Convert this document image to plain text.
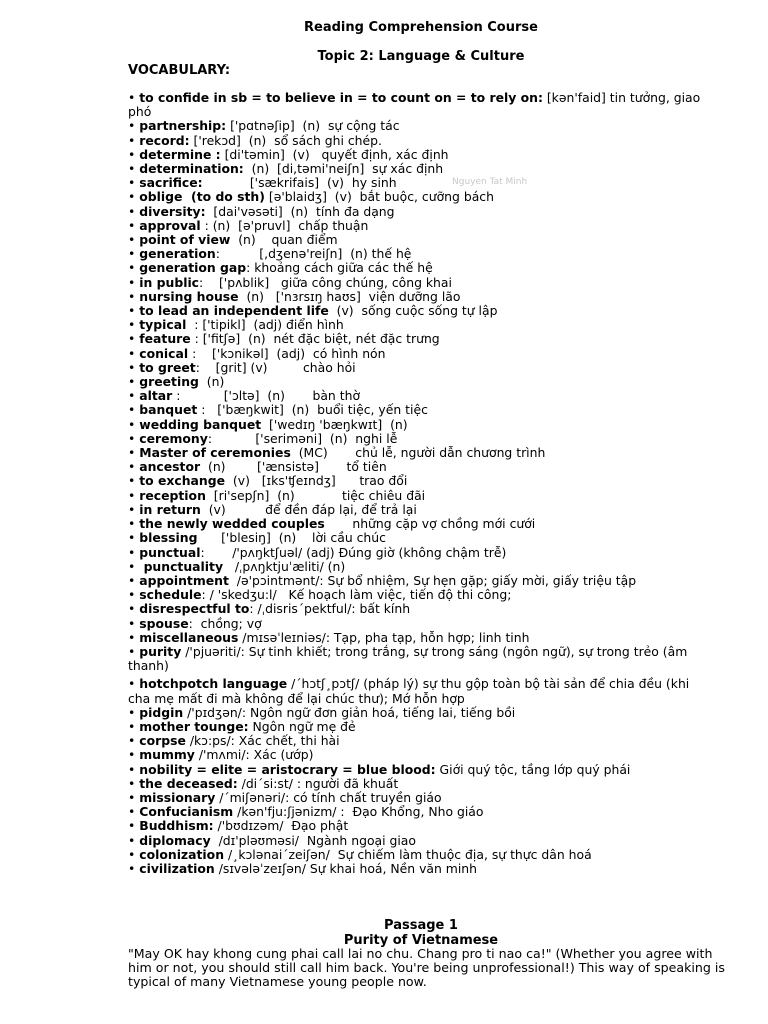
Reading Comprehension Course
Topic 2: Language & Culture
VOCABULARY:
Nguyen Tat Minh
• to confide in sb = to believe in = to count on = to rely on: [kən'faid] tin tưởng, giao phó
• partnership: ['pɑtnəʃip]  (n)  sự cộng tác
• record: ['rekɔd]  (n)  sổ sách ghi chép.
• determine : [di'təmin]  (v)   quyết định, xác định
• determination:  (n)  [di,təmi'neiʃn]  sự xác định
• sacrifice:            ['sækrifais]  (v)  hy sinh
• oblige  (to do sth) [ə'blaidʒ]  (v)  bắt buộc, cưỡng bách
• diversity:  [dai'vəsəti]  (n)  tính đa dạng
• approval : (n)  [ə'pruvl]  chấp thuận
• point of view  (n)    quan điểm
• generation:          [,dʒenə'reiʃn]  (n) thế hệ
• generation gap: khoảng cách giữa các thế hệ
• in public:    ['pʌblik]   giữa công chúng, công khai
• nursing house  (n)   ['nɜrsɪŋ haʊs]  viện dưỡng lão
• to lead an independent life  (v)  sống cuộc sống tự lập
• typical  : ['tipikl]  (adj) điển hình
• feature : ['fitʃə]  (n)  nét đặc biệt, nét đặc trưng
• conical :    ['kɔnikəl]  (adj)  có hình nón
• to greet:    [grit] (v)         chào hỏi
• greeting  (n)
• altar :           ['ɔltə]  (n)       bàn thờ
• banquet :   ['bæŋkwit]  (n)  buổi tiệc, yến tiệc
• wedding banquet  ['wedɪŋ 'bæŋkwɪt]  (n)
• ceremony:           ['seriməni]  (n)  nghi lễ
• Master of ceremonies  (MC)       chủ lễ, người dẫn chương trình
• ancestor  (n)        ['ænsistə]       tổ tiên
• to exchange  (v)   [ɪks'ʧeɪndʒ]      trao đổi
• reception  [ri'sepʃn]  (n)            tiệc chiêu đãi
• in return  (v)          để đền đáp lại, để trả lại
• the newly wedded couples       những cặp vợ chồng mới cưới
• blessing      ['blesiŋ]  (n)    lời cầu chúc
• punctual:       /'pʌŋktʃuəl/ (adj) Đúng giờ (không chậm trễ)
•  punctuality   /ˌpʌŋktjuˈæliti/ (n)
• appointment  /ə'pɔintmənt/: Sự bổ nhiệm, Sự hẹn gặp; giấy mời, giấy triệu tập
• schedule: / 'skedʒu:l/   Kế hoạch làm việc, tiến độ thi công;
• disrespectful to: /ˌdisris´pektful/: bất kính
• spouse:  chồng; vợ
• miscellaneous /mɪsəˈleɪniəs/: Tạp, pha tạp, hỗn hợp; linh tinh
• purity /'pjuəriti/: Sự tinh khiết; trong trắng, sự trong sáng (ngôn ngữ), sự trong trẻo (âm thanh)
• hotchpotch language /´hɔtʃ¸pɔtʃ/ (pháp lý) sự thu gộp toàn bộ tài sản để chia đều (khi cha mẹ mất đi mà không để lại chúc thư); Mớ hỗn hợp
• pidgin /'pɪdʒən/: Ngôn ngữ đơn giản hoá, tiếng lai, tiếng bồi
• mother tounge: Ngôn ngữ mẹ đẻ
• corpse /kɔ:ps/: Xác chết, thi hài
• mummy /'mʌmi/: Xác (ướp)
• nobility = elite = aristocrary = blue blood: Giới quý tộc, tầng lớp quý phái
• the deceased: /di´si:st/ : người đã khuất
• missionary /´miʃənəri/: có tính chất truyền giáo
• Confucianism /kən'fju:ʃjənizm/ :  Đạo Khổng, Nho giáo
• Buddhism: /'bʊdɪzəm/  Đạo phật
• diplomacy  /dɪ'pləʊməsi/  Ngành ngoại giao
• colonization /¸kɔlənai´zeiʃən/  Sự chiếm làm thuộc địa, sự thực dân hoá
• civilization /sɪvələˈzeɪʃən/ Sự khai hoá, Nền văn minh
Passage 1
Purity of Vietnamese
"May OK hay khong cung phai call lai no chu. Chang pro ti nao ca!" (Whether you agree with him or not, you should still call him back. You're being unprofessional!) This way of speaking is typical of many Vietnamese young people now.
